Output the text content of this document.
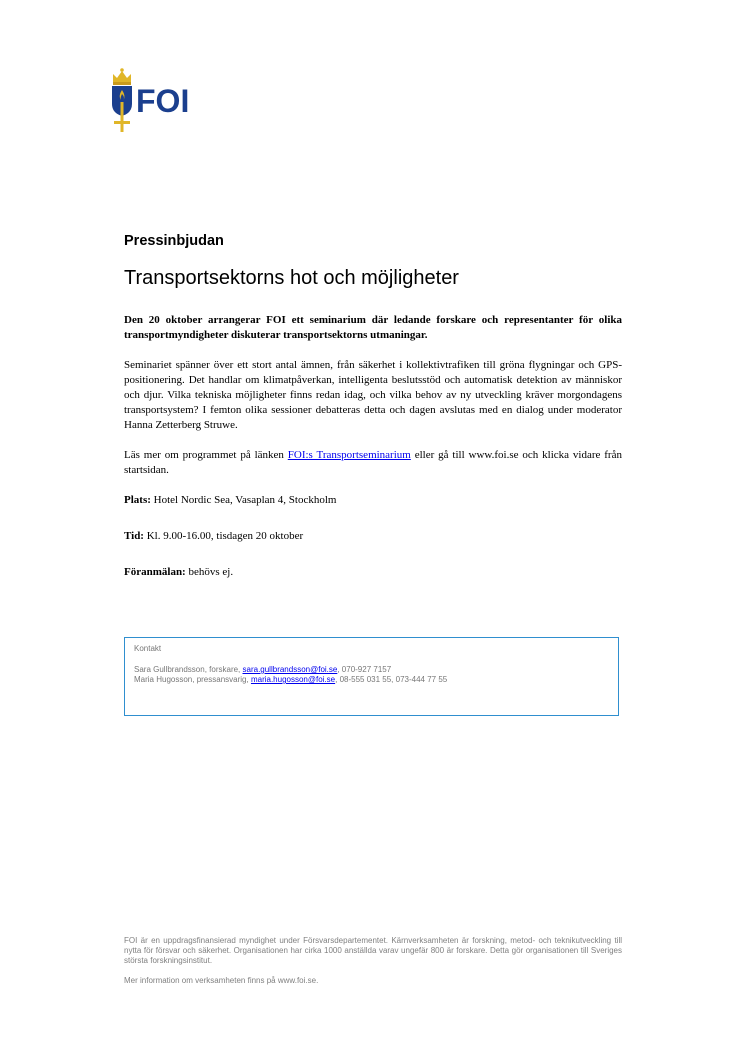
FOI
Pressinbjudan
Transportsektorns hot och möjligheter

Den 20 oktober arrangerar FOI ett seminarium där ledande forskare och representanter för olika transportmyndigheter diskuterar transportsektorns utmaningar.

Seminariet spänner över ett stort antal ämnen, från säkerhet i kollektivtrafiken till gröna flygningar och GPS-positionering. Det handlar om klimatpåverkan, intelligenta beslutsstöd och automatisk detektion av människor och djur. Vilka tekniska möjligheter finns redan idag, och vilka behov av ny utveckling kräver morgondagens transportsystem? I femton olika sessioner debatteras detta och dagen avslutas med en dialog under moderator Hanna Zetterberg Struwe.

Läs mer om programmet på länken FOI:s Transportseminarium eller gå till www.foi.se och klicka vidare från startsidan.

Plats: Hotel Nordic Sea, Vasaplan 4, Stockholm

Tid: Kl. 9.00-16.00, tisdagen 20 oktober

Föranmälan: behövs ej.

Kontakt
Sara Gullbrandsson, forskare, sara.gullbrandsson@foi.se, 070-927 7157
Maria Hugosson, pressansvarig, maria.hugosson@foi.se, 08-555 031 55, 073-444 77 55

FOI är en uppdragsfinansierad myndighet under Försvarsdepartementet. Kärnverksamheten är forskning, metod- och teknikutveckling till nytta för försvar och säkerhet. Organisationen har cirka 1000 anställda varav ungefär 800 är forskare. Detta gör organisationen till Sveriges största forskningsinstitut.

Mer information om verksamheten finns på www.foi.se.
